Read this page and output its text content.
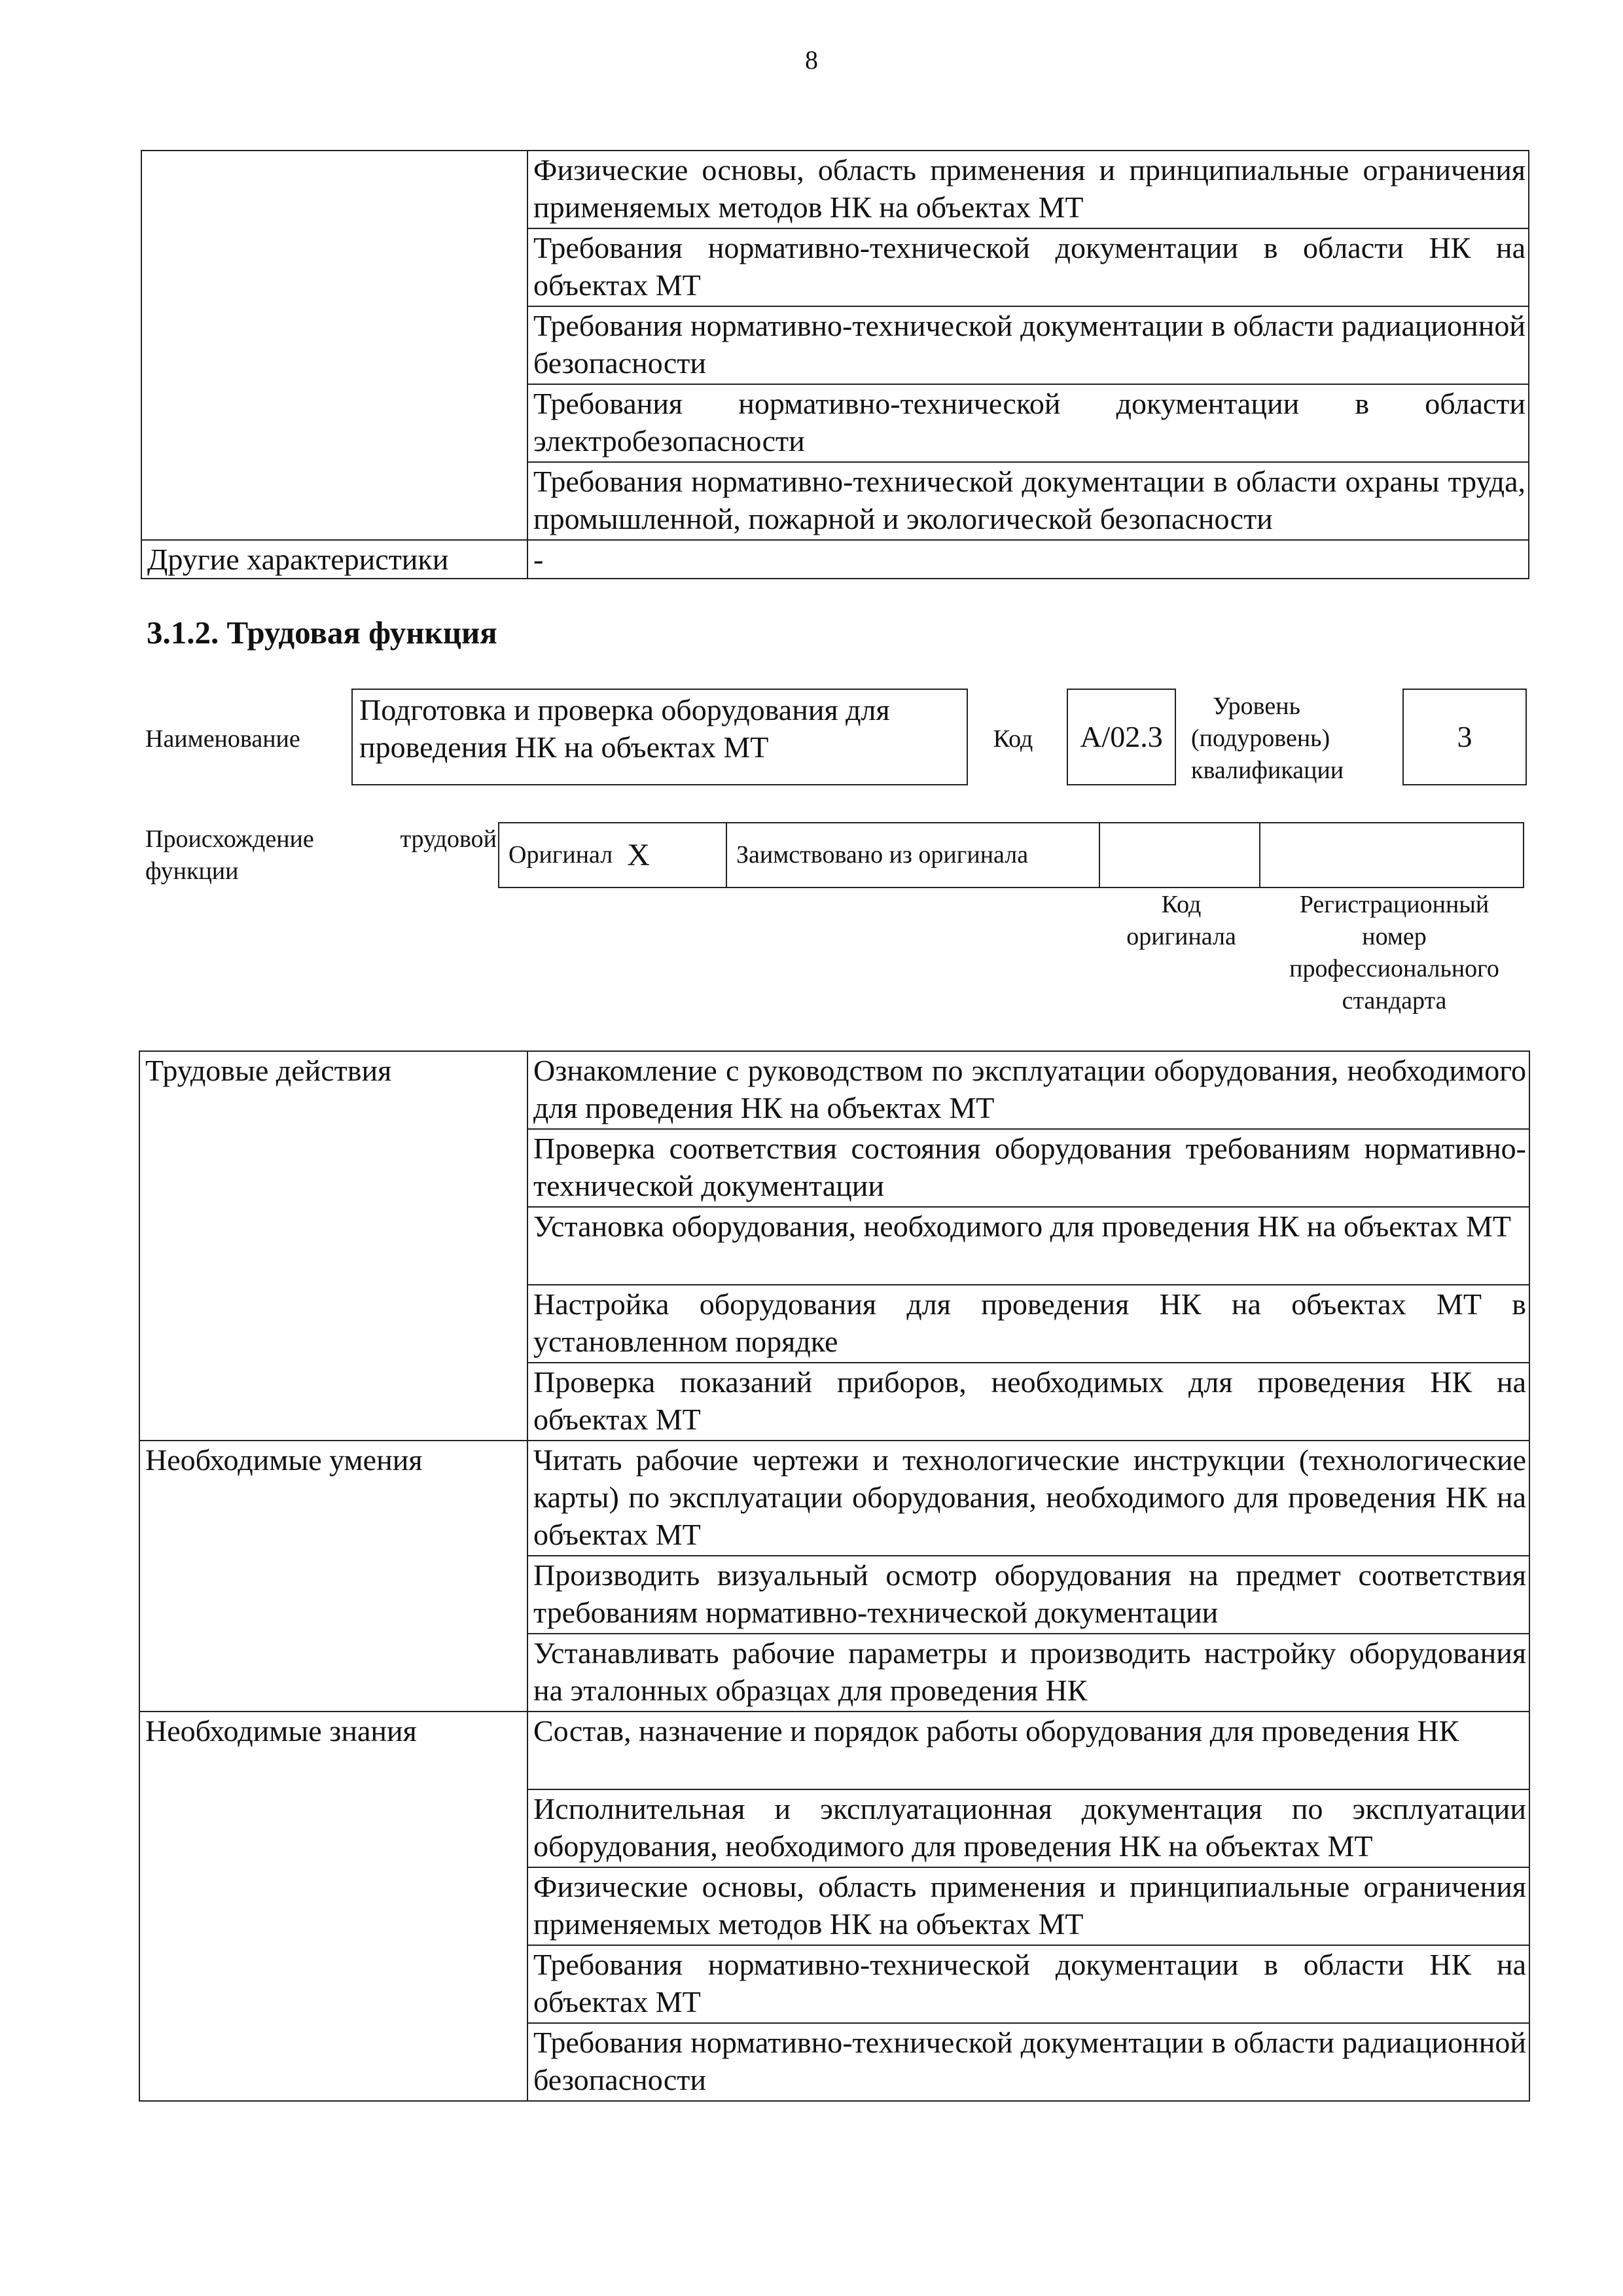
8
	Физические основы, область применения и принципиальные ограничения применяемых методов НК на объектах МТ
	Требования нормативно-технической документации в области НК на объектах МТ
	Требования нормативно-технической документации в области радиационной безопасности
	Требования нормативно-технической документации в области электробезопасности
	Требования нормативно-технической документации в области охраны труда, промышленной, пожарной и экологической безопасности
Другие характеристики	-
3.1.2. Трудовая функция
Наименование
Подготовка и проверка оборудования для проведения НК на объектах МТ	Код	А/02.3
Уровень
(подуровень)
квалификации
3
Происхождение	трудовой
функции
Оригинал X	Заимствовано из оригинала
Код
оригинала
Регистрационный
номер
профессионального
стандарта
Трудовые действия	Ознакомление с руководством по эксплуатации оборудования, необходимого для проведения НК на объектах МТ
	Проверка соответствия состояния оборудования требованиям нормативно-технической документации
	Установка оборудования, необходимого для проведения НК на объектах МТ
	Настройка оборудования для проведения НК на объектах МТ в установленном порядке
	Проверка показаний приборов, необходимых для проведения НК на объектах МТ
Необходимые умения	Читать рабочие чертежи и технологические инструкции (технологические карты) по эксплуатации оборудования, необходимого для проведения НК на объектах МТ
	Производить визуальный осмотр оборудования на предмет соответствия требованиям нормативно-технической документации
	Устанавливать рабочие параметры и производить настройку оборудования на эталонных образцах для проведения НК
Необходимые знания	Состав, назначение и порядок работы оборудования для проведения НК
	Исполнительная и эксплуатационная документация по эксплуатации оборудования, необходимого для проведения НК на объектах МТ
	Физические основы, область применения и принципиальные ограничения применяемых методов НК на объектах МТ
	Требования нормативно-технической документации в области НК на объектах МТ
	Требования нормативно-технической документации в области радиационной безопасности
